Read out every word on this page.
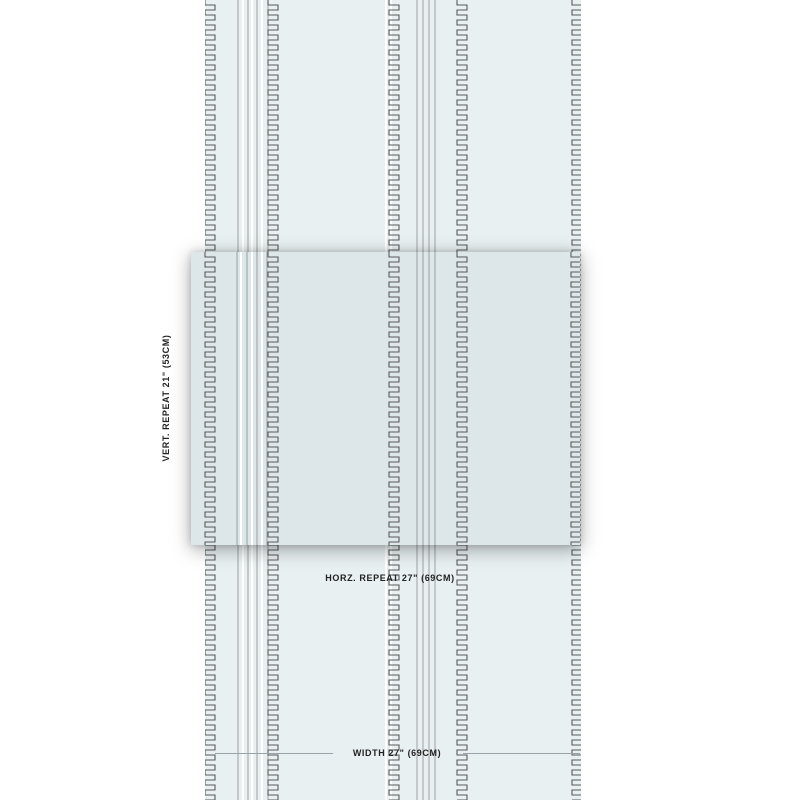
VERT. REPEAT 21" (53CM)
HORZ. REPEAT 27" (69CM)
WIDTH 27" (69CM)
